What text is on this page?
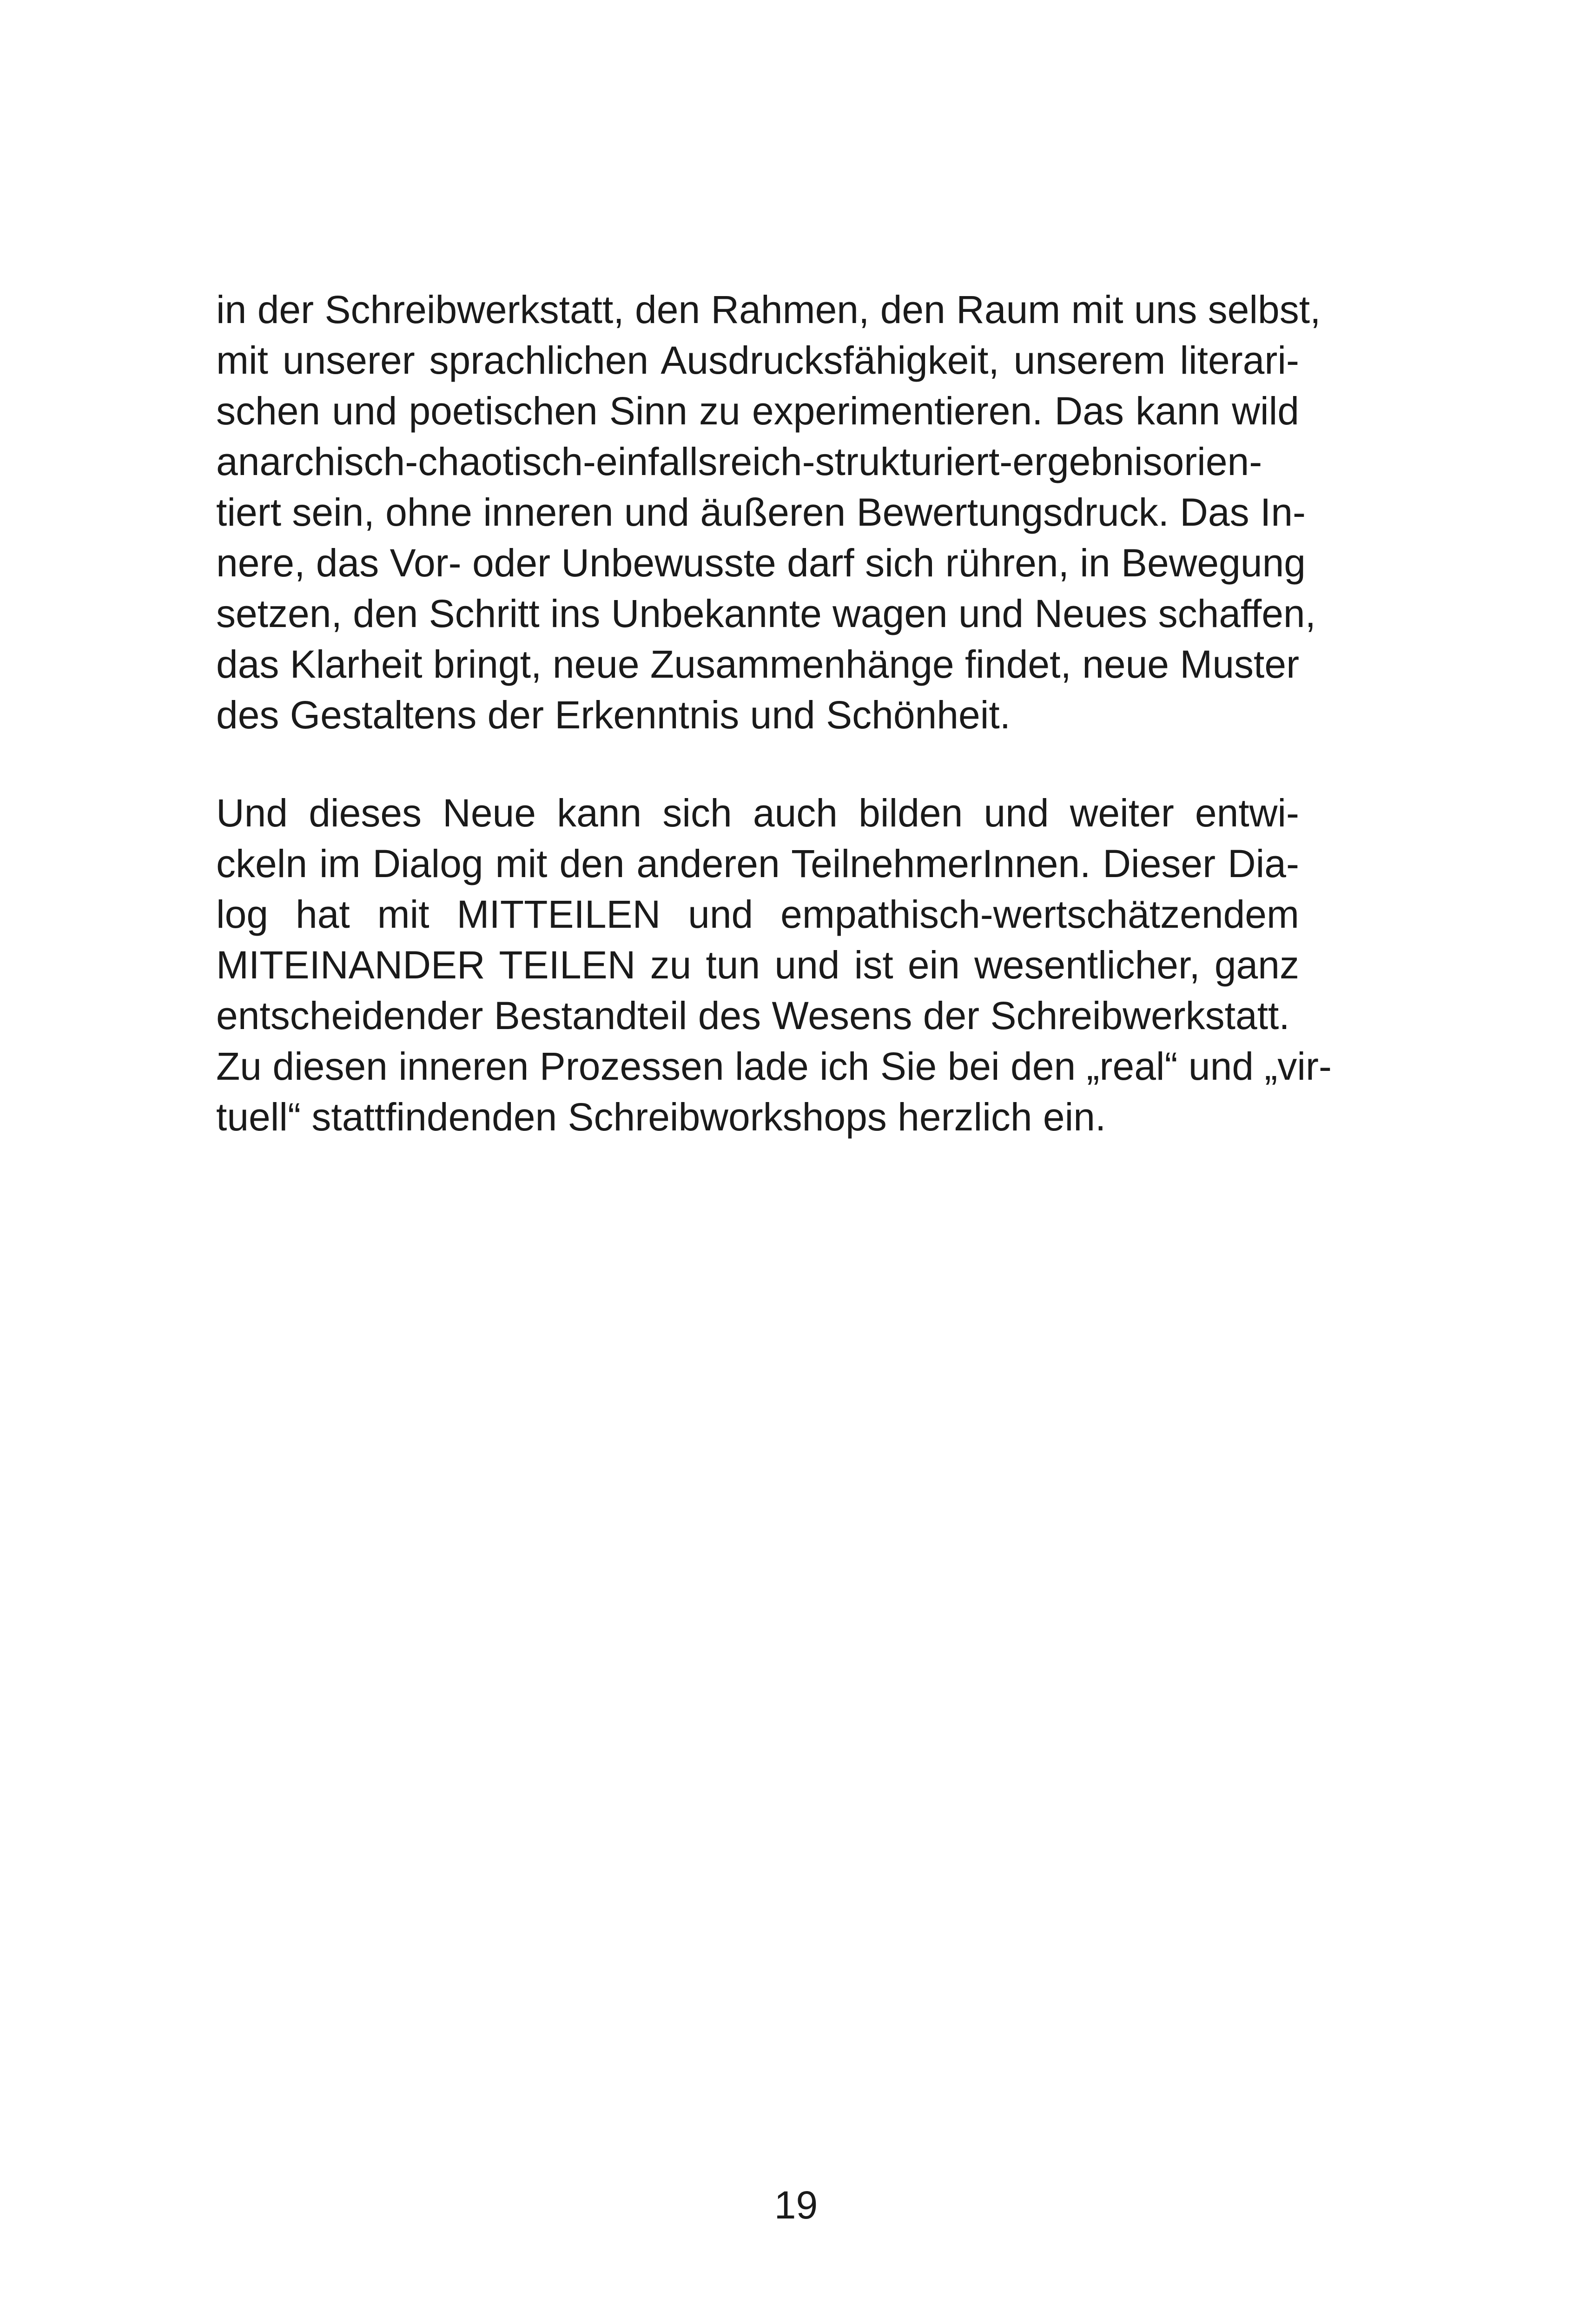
in der Schreibwerkstatt, den Rahmen, den Raum mit uns selbst,
mit unserer sprachlichen Ausdrucksfähigkeit, unserem literari-
schen und poetischen Sinn zu experimentieren. Das kann wild
anarchisch-chaotisch-einfallsreich-strukturiert-ergebnisorien-
tiert sein, ohne inneren und äußeren Bewertungsdruck. Das In-
nere, das Vor- oder Unbewusste darf sich rühren, in Bewegung
setzen, den Schritt ins Unbekannte wagen und Neues schaffen,
das Klarheit bringt, neue Zusammenhänge findet, neue Muster
des Gestaltens der Erkenntnis und Schönheit.
Und dieses Neue kann sich auch bilden und weiter entwi-
ckeln im Dialog mit den anderen TeilnehmerInnen. Dieser Dia-
log hat mit MITTEILEN und empathisch-wertschätzendem
MITEINANDER TEILEN zu tun und ist ein wesentlicher, ganz
entscheidender Bestandteil des Wesens der Schreibwerkstatt.
Zu diesen inneren Prozessen lade ich Sie bei den „real“ und „vir-
tuell“ stattfindenden Schreibworkshops herzlich ein.
19
